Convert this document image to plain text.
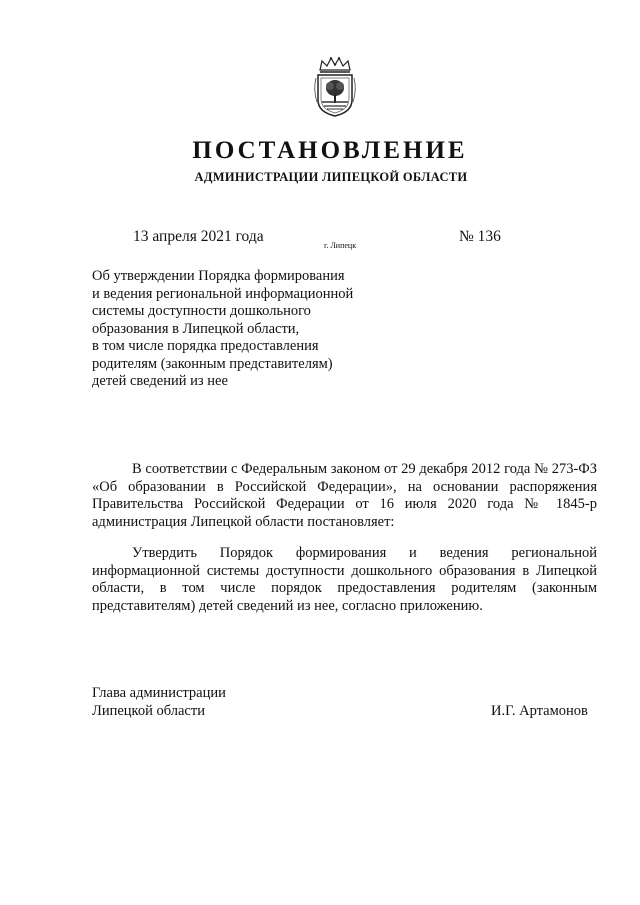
ПОСТАНОВЛЕНИЕ
АДМИНИСТРАЦИИ ЛИПЕЦКОЙ ОБЛАСТИ
13 апреля 2021 года
г. Липецк
№ 136
Об утверждении Порядка формирования
и ведения региональной информационной
системы доступности дошкольного
образования в Липецкой области,
в том числе порядка предоставления
родителям (законным представителям)
детей сведений из нее

В соответствии с Федеральным законом от 29 декабря 2012 года № 273-ФЗ «Об образовании в Российской Федерации», на основании распоряжения Правительства Российской Федерации от 16 июля 2020 года № 1845-р администрация Липецкой области постановляет:

Утвердить Порядок формирования и ведения региональной информационной системы доступности дошкольного образования в Липецкой области, в том числе порядок предоставления родителям (законным представителям) детей сведений из нее, согласно приложению.

Глава администрации
Липецкой области	И.Г. Артамонов
